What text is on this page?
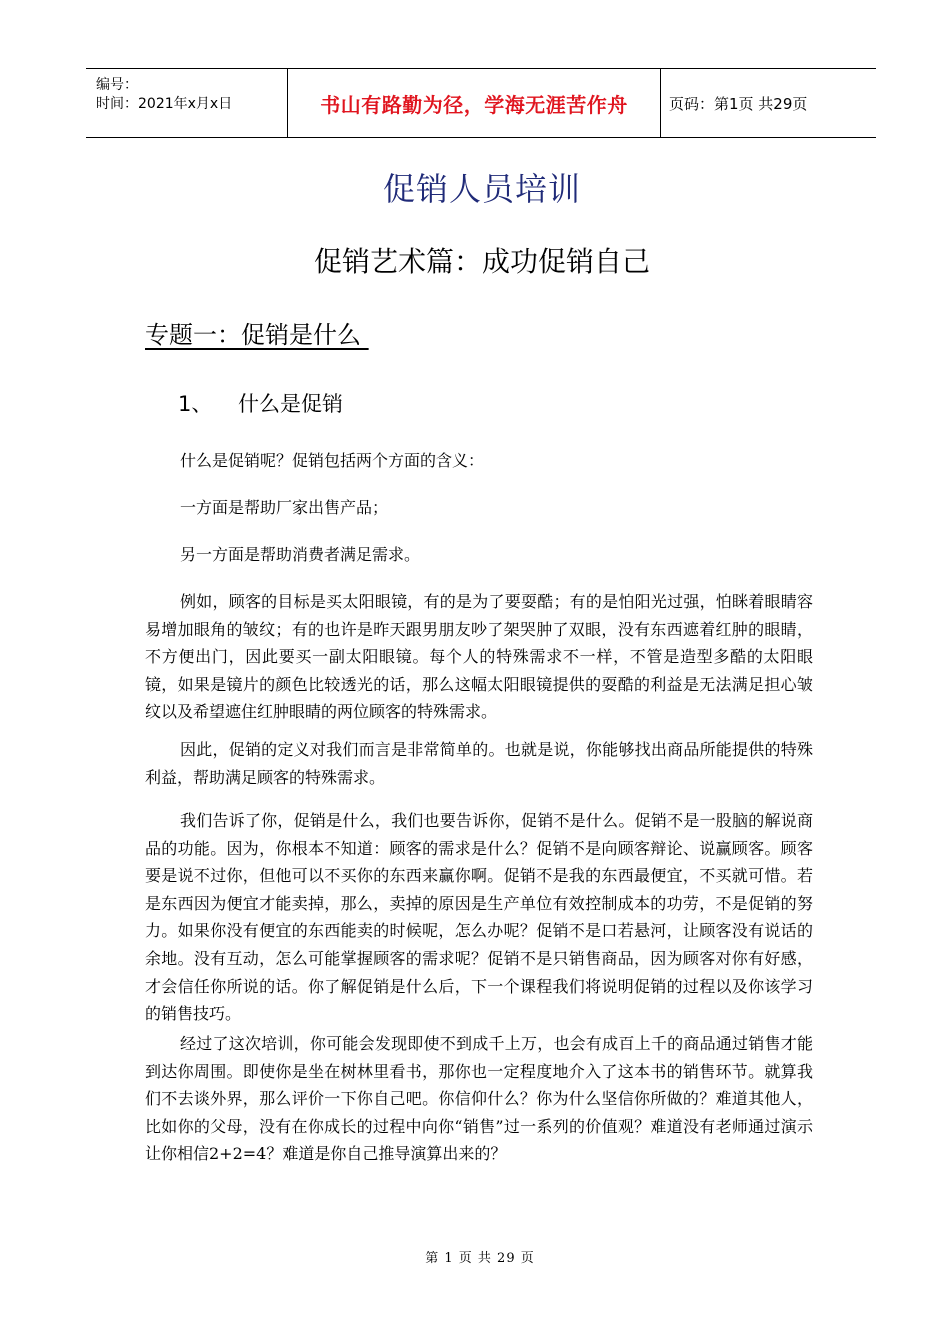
编号：
时间：2021年x月x日	书山有路勤为径，学海无涯苦作舟	页码：第1页 共29页
促销人员培训
促销艺术篇：成功促销自己
专题一：促销是什么
1、 什么是促销

什么是促销呢？促销包括两个方面的含义：

一方面是帮助厂家出售产品；

另一方面是帮助消费者满足需求。

例如，顾客的目标是买太阳眼镜，有的是为了要耍酷；有的是怕阳光过强，怕眯着眼睛容易增加眼角的皱纹；有的也许是昨天跟男朋友吵了架哭肿了双眼，没有东西遮着红肿的眼睛，不方便出门，因此要买一副太阳眼镜。每个人的特殊需求不一样，不管是造型多酷的太阳眼镜，如果是镜片的颜色比较透光的话，那么这幅太阳眼镜提供的耍酷的利益是无法满足担心皱纹以及希望遮住红肿眼睛的两位顾客的特殊需求。

因此，促销的定义对我们而言是非常简单的。也就是说，你能够找出商品所能提供的特殊利益，帮助满足顾客的特殊需求。

我们告诉了你，促销是什么，我们也要告诉你，促销不是什么。促销不是一股脑的解说商品的功能。因为，你根本不知道：顾客的需求是什么？促销不是向顾客辩论、说赢顾客。顾客要是说不过你，但他可以不买你的东西来赢你啊。促销不是我的东西最便宜，不买就可惜。若是东西因为便宜才能卖掉，那么，卖掉的原因是生产单位有效控制成本的功劳，不是促销的努力。如果你没有便宜的东西能卖的时候呢，怎么办呢？促销不是口若悬河，让顾客没有说话的余地。没有互动，怎么可能掌握顾客的需求呢？促销不是只销售商品，因为顾客对你有好感，才会信任你所说的话。你了解促销是什么后，下一个课程我们将说明促销的过程以及你该学习的销售技巧。

经过了这次培训，你可能会发现即使不到成千上万，也会有成百上千的商品通过销售才能到达你周围。即使你是坐在树林里看书，那你也一定程度地介入了这本书的销售环节。就算我们不去谈外界，那么评价一下你自己吧。你信仰什么？你为什么坚信你所做的？难道其他人，比如你的父母，没有在你成长的过程中向你“销售”过一系列的价值观？难道没有老师通过演示让你相信2+2=4？难道是你自己推导演算出来的？

第 1 页 共 29 页
